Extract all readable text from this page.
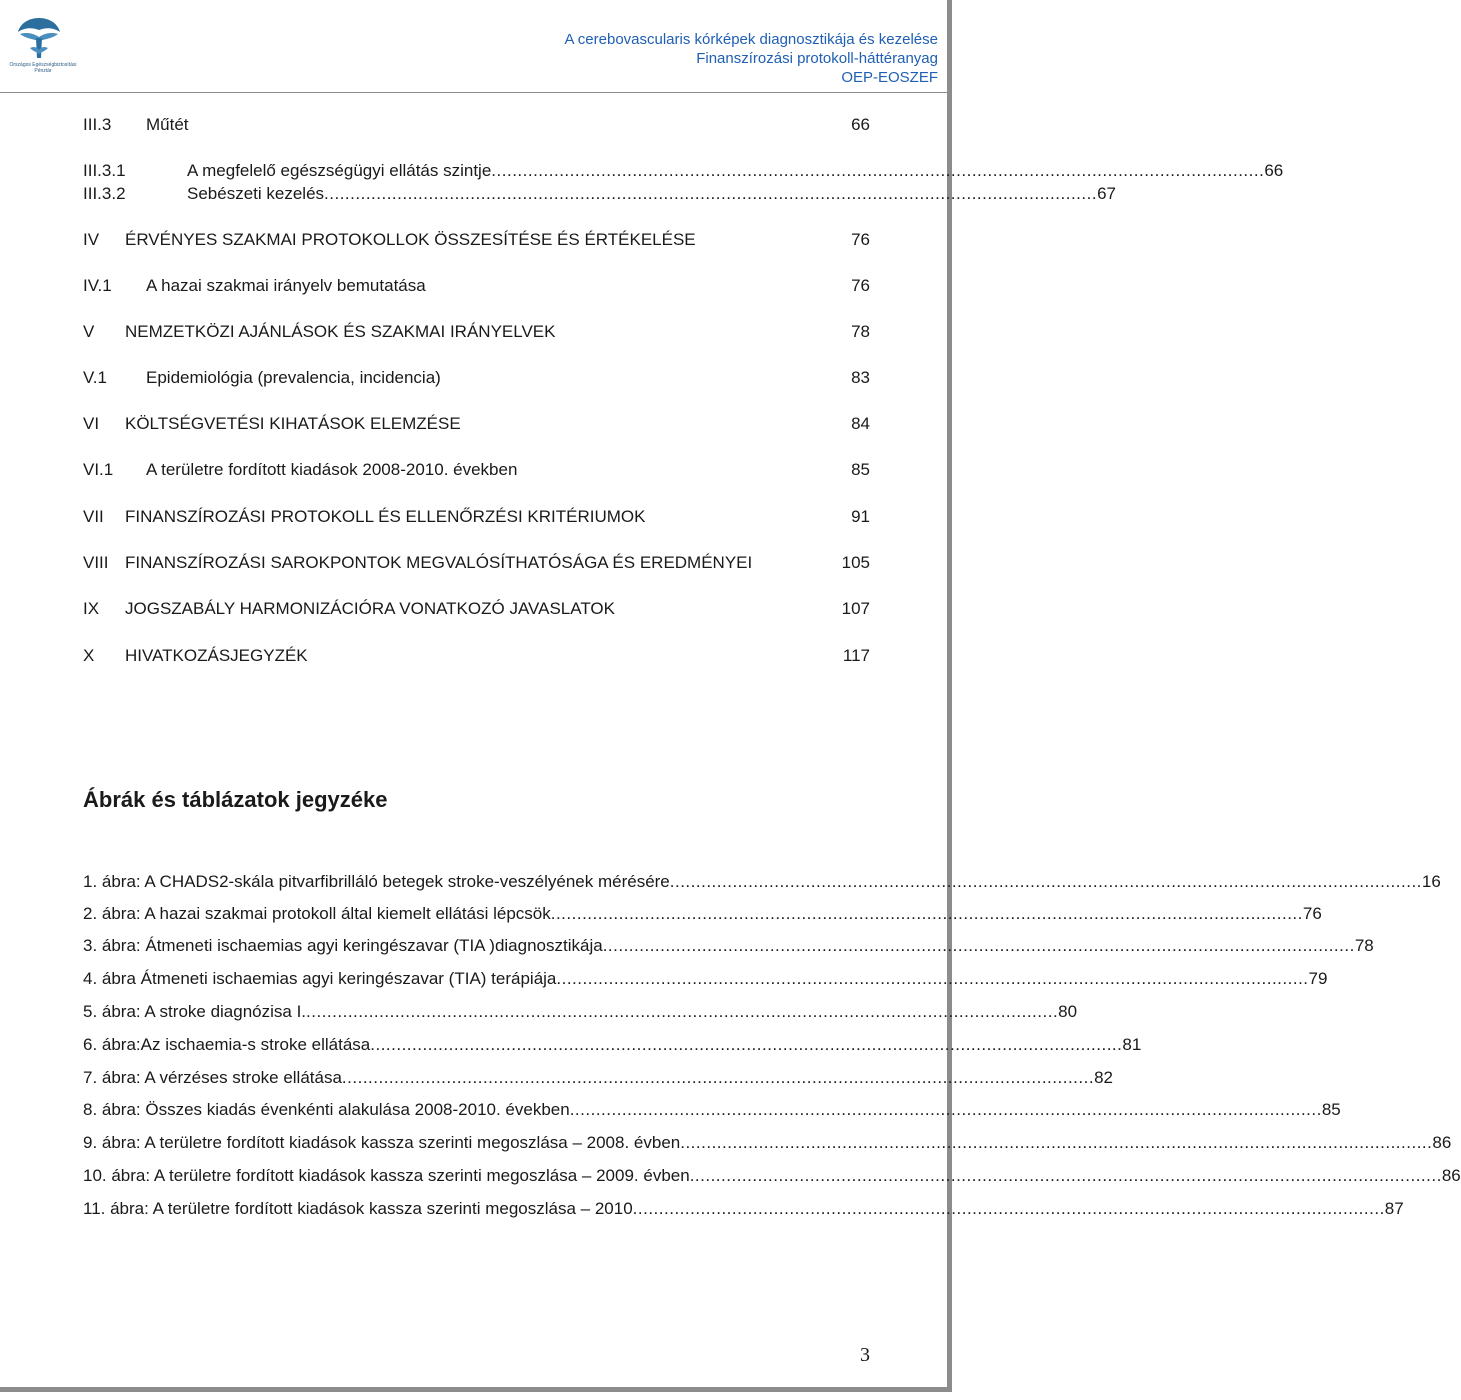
Országos Egészségbiztosítási Pénztár
A cerebovascularis kórképek diagnosztikája és kezelése
Finanszírozási protokoll-háttéranyag
OEP-EOSZEF
III.3 Műtét	66
III.3.1	A megfelelő egészségügyi ellátás szintje .................................................................................................................................................... 66
III.3.2	Sebészeti kezelés .................................................................................................................................................... 67
IV ÉRVÉNYES SZAKMAI PROTOKOLLOK ÖSSZESÍTÉSE ÉS ÉRTÉKELÉSE	76
IV.1 A hazai szakmai irányelv bemutatása	76
V NEMZETKÖZI AJÁNLÁSOK ÉS SZAKMAI IRÁNYELVEK	78
V.1 Epidemiológia (prevalencia, incidencia)	83
VI KÖLTSÉGVETÉSI KIHATÁSOK ELEMZÉSE	84
VI.1 A területre fordított kiadások 2008-2010. években	85
VII FINANSZÍROZÁSI PROTOKOLL ÉS ELLENŐRZÉSI KRITÉRIUMOK	91
VIII FINANSZÍROZÁSI SAROKPONTOK MEGVALÓSÍTHATÓSÁGA ÉS EREDMÉNYEI	105
IX JOGSZABÁLY HARMONIZÁCIÓRA VONATKOZÓ JAVASLATOK	107
X HIVATKOZÁSJEGYZÉK	117
Ábrák és táblázatok jegyzéke
1. ábra: A CHADS2-skála pitvarfibrilláló betegek stroke-veszélyének mérésére ................................................................................................................................................ 16
2. ábra: A hazai szakmai protokoll által kiemelt ellátási lépcsök ................................................................................................................................................ 76
3. ábra: Átmeneti ischaemias agyi keringészavar (TIA )diagnosztikája ................................................................................................................................................ 78
4. ábra Átmeneti ischaemias agyi keringészavar (TIA) terápiája ................................................................................................................................................ 79
5. ábra: A stroke diagnózisa I. ................................................................................................................................................ 80
6. ábra:Az ischaemia-s stroke ellátása ................................................................................................................................................ 81
7. ábra: A vérzéses stroke ellátása ................................................................................................................................................ 82
8. ábra: Összes kiadás évenkénti alakulása 2008-2010. években ................................................................................................................................................ 85
9. ábra: A területre fordított kiadások kassza szerinti megoszlása – 2008. évben ................................................................................................................................................ 86
10. ábra: A területre fordított kiadások kassza szerinti megoszlása – 2009. évben ................................................................................................................................................ 86
11. ábra: A területre fordított kiadások kassza szerinti megoszlása – 2010 ................................................................................................................................................ 87
3
